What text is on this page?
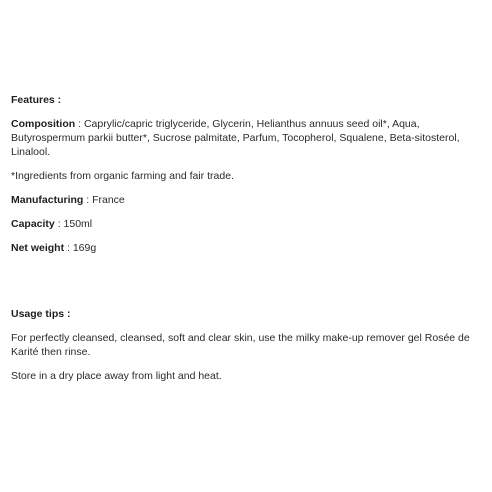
Features :

Composition : Caprylic/capric triglyceride, Glycerin, Helianthus annuus seed oil*, Aqua, Butyrospermum parkii butter*, Sucrose palmitate, Parfum, Tocopherol, Squalene, Beta-sitosterol, Linalool.

*Ingredients from organic farming and fair trade.

Manufacturing : France

Capacity : 150ml

Net weight : 169g

Usage tips :

For perfectly cleansed, cleansed, soft and clear skin, use the milky make-up remover gel Rosée de Karité then rinse.

Store in a dry place away from light and heat.
